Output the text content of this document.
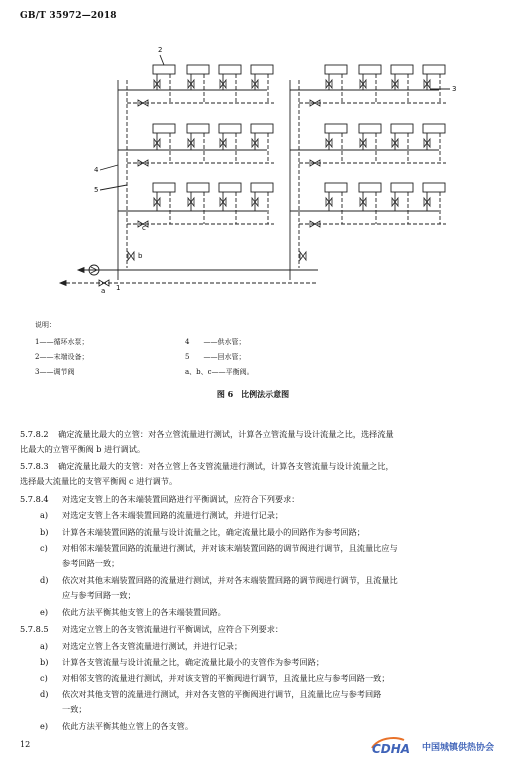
GB/T 35972—2018
1
2
3
4
5
a
b
c
说明：
1——循环水泵；
2——末端设备；
3——调节阀
4　　——供水管；
5　　——回水管；
a、b、c——平衡阀。
图 6　比例法示意图
5.7.8.2 确定流量比最大的立管：对各立管流量进行测试，计算各立管流量与设计流量之比，选择流量
比最大的立管平衡阀 b 进行调试。
5.7.8.3 确定流量比最大的支管：对各立管上各支管流量进行测试，计算各支管流量与设计流量之比，
选择最大流量比的支管平衡阀 c 进行调节。
5.7.8.4 对选定支管上的各末端装置回路进行平衡调试，应符合下列要求：
a) 对选定支管上各末端装置回路的流量进行测试，并进行记录；
b) 计算各末端装置回路的流量与设计流量之比，确定流量比最小的回路作为参考回路；
c) 对相邻末端装置回路的流量进行测试，并对该末端装置回路的调节阀进行调节，且流量比应与
参考回路一致；
d) 依次对其他末端装置回路的流量进行测试，并对各末端装置回路的调节阀进行调节，且流量比
应与参考回路一致；
e) 依此方法平衡其他支管上的各末端装置回路。
5.7.8.5 对选定立管上的各支管流量进行平衡调试，应符合下列要求：
a) 对选定立管上各支管流量进行测试，并进行记录；
b) 计算各支管流量与设计流量之比，确定流量比最小的支管作为参考回路；
c) 对相邻支管的流量进行测试，并对该支管的平衡阀进行调节，且流量比应与参考回路一致；
d) 依次对其他支管的流量进行测试，并对各支管的平衡阀进行调节，且流量比应与参考回路
一致；
e) 依此方法平衡其他立管上的各支管。
12	CDHA 中国城镇供热协会
